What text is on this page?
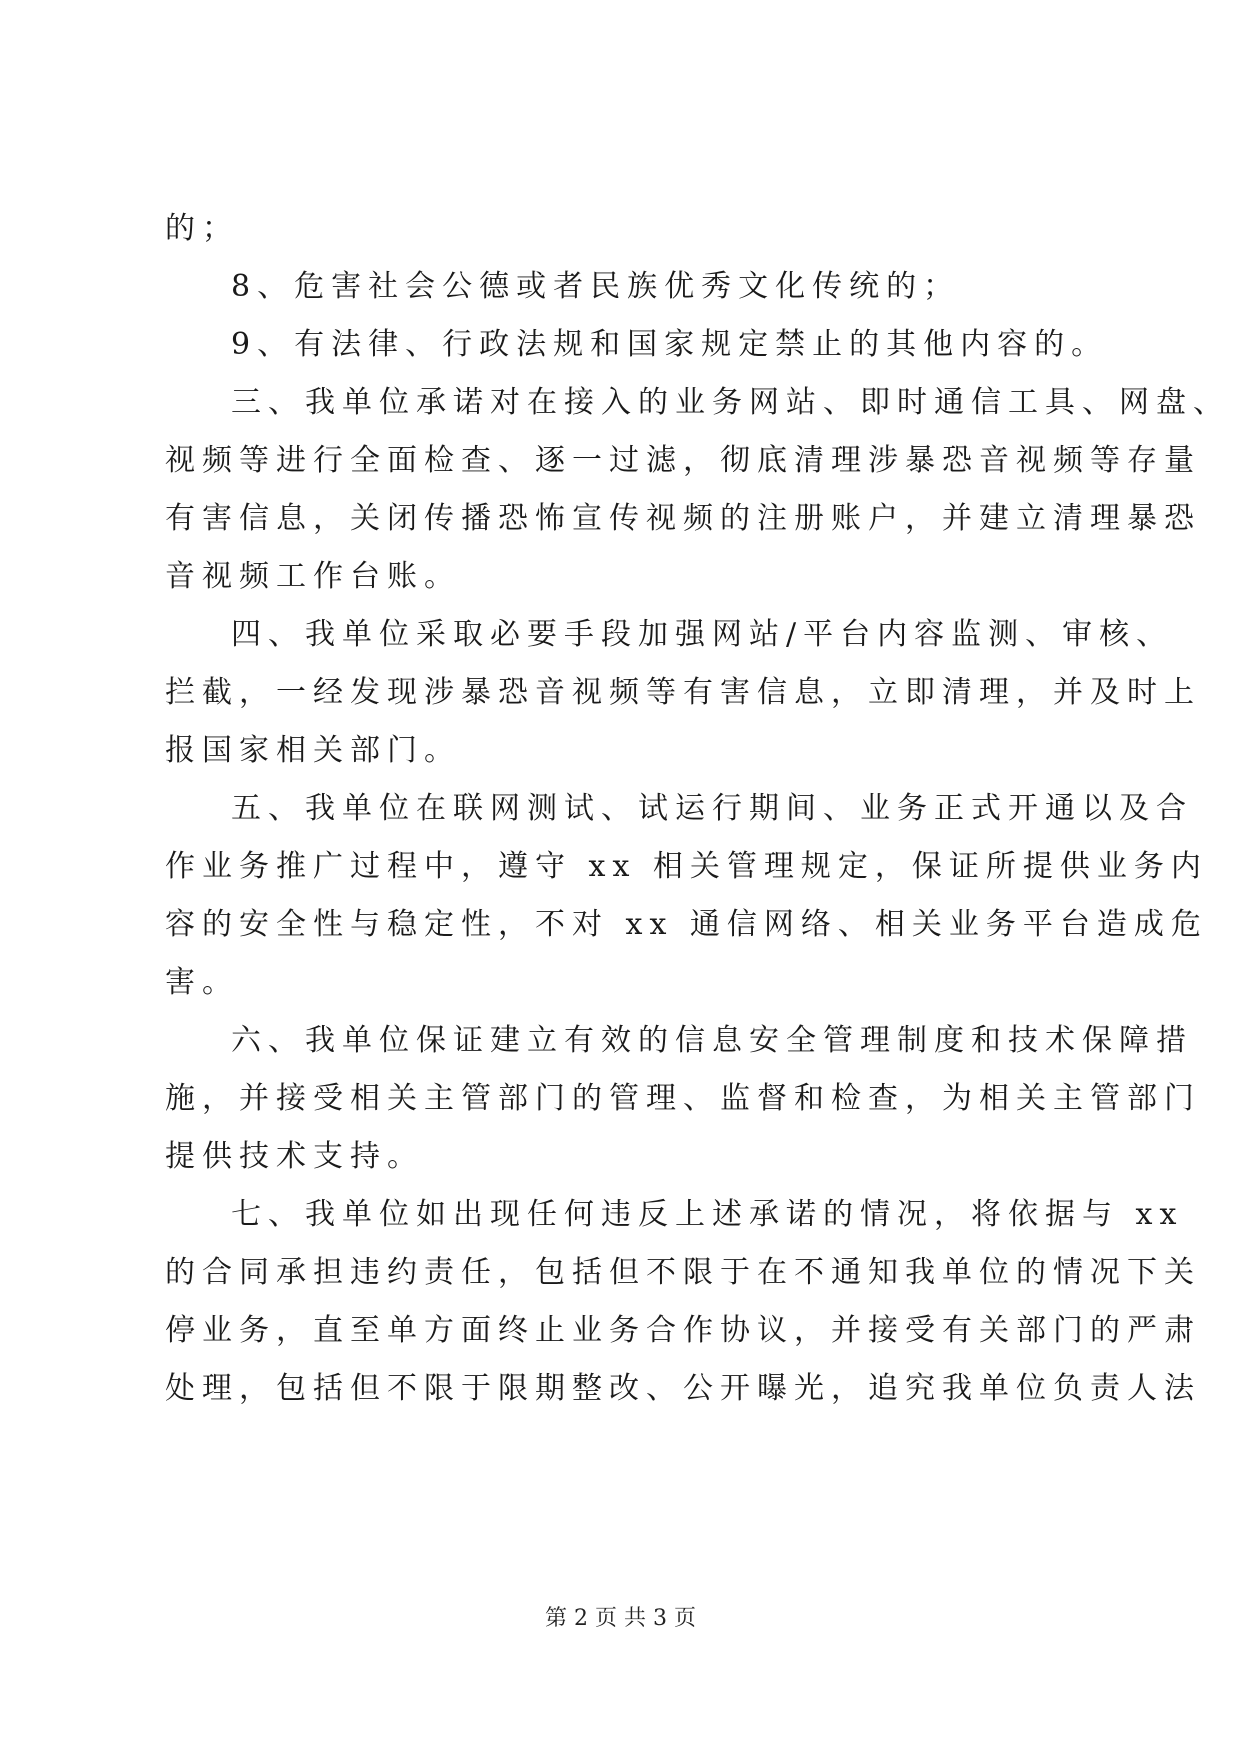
的；
8、危害社会公德或者民族优秀文化传统的；
9、有法律、行政法规和国家规定禁止的其他内容的。
三、我单位承诺对在接入的业务网站、即时通信工具、网盘、
视频等进行全面检查、逐一过滤，彻底清理涉暴恐音视频等存量
有害信息，关闭传播恐怖宣传视频的注册账户，并建立清理暴恐
音视频工作台账。
四、我单位采取必要手段加强网站/平台内容监测、审核、
拦截，一经发现涉暴恐音视频等有害信息，立即清理，并及时上
报国家相关部门。
五、我单位在联网测试、试运行期间、业务正式开通以及合
作业务推广过程中，遵守 xx 相关管理规定，保证所提供业务内
容的安全性与稳定性，不对 xx 通信网络、相关业务平台造成危
害。
六、我单位保证建立有效的信息安全管理制度和技术保障措
施，并接受相关主管部门的管理、监督和检查，为相关主管部门
提供技术支持。
七、我单位如出现任何违反上述承诺的情况，将依据与 xx
的合同承担违约责任，包括但不限于在不通知我单位的情况下关
停业务，直至单方面终止业务合作协议，并接受有关部门的严肃
处理，包括但不限于限期整改、公开曝光，追究我单位负责人法
第 2 页 共 3 页
